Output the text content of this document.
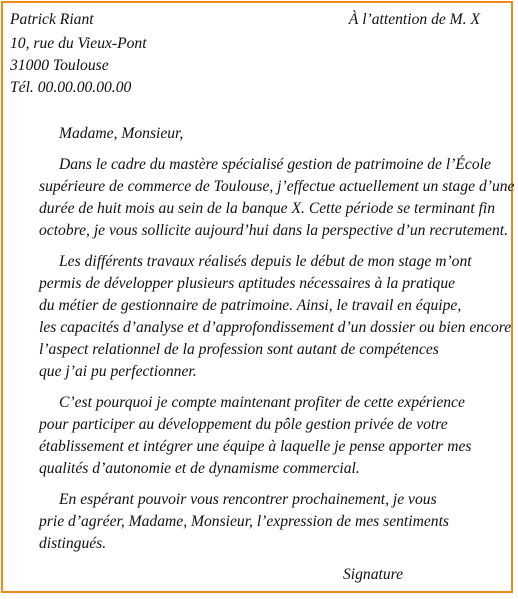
Patrick Riant	À l’attention de M. X
10, rue du Vieux-Pont
31000 Toulouse
Tél. 00.00.00.00.00
Madame, Monsieur,
Dans le cadre du mastère spécialisé gestion de patrimoine de l’École
supérieure de commerce de Toulouse, j’effectue actuellement un stage d’une
durée de huit mois au sein de la banque X. Cette période se terminant fin
octobre, je vous sollicite aujourd’hui dans la perspective d’un recrutement.
Les différents travaux réalisés depuis le début de mon stage m’ont
permis de développer plusieurs aptitudes nécessaires à la pratique
du métier de gestionnaire de patrimoine. Ainsi, le travail en équipe,
les capacités d’analyse et d’approfondissement d’un dossier ou bien encore
l’aspect relationnel de la profession sont autant de compétences
que j’ai pu perfectionner.
C’est pourquoi je compte maintenant profiter de cette expérience
pour participer au développement du pôle gestion privée de votre
établissement et intégrer une équipe à laquelle je pense apporter mes
qualités d’autonomie et de dynamisme commercial.
En espérant pouvoir vous rencontrer prochainement, je vous
prie d’agréer, Madame, Monsieur, l’expression de mes sentiments
distingués.
Signature
